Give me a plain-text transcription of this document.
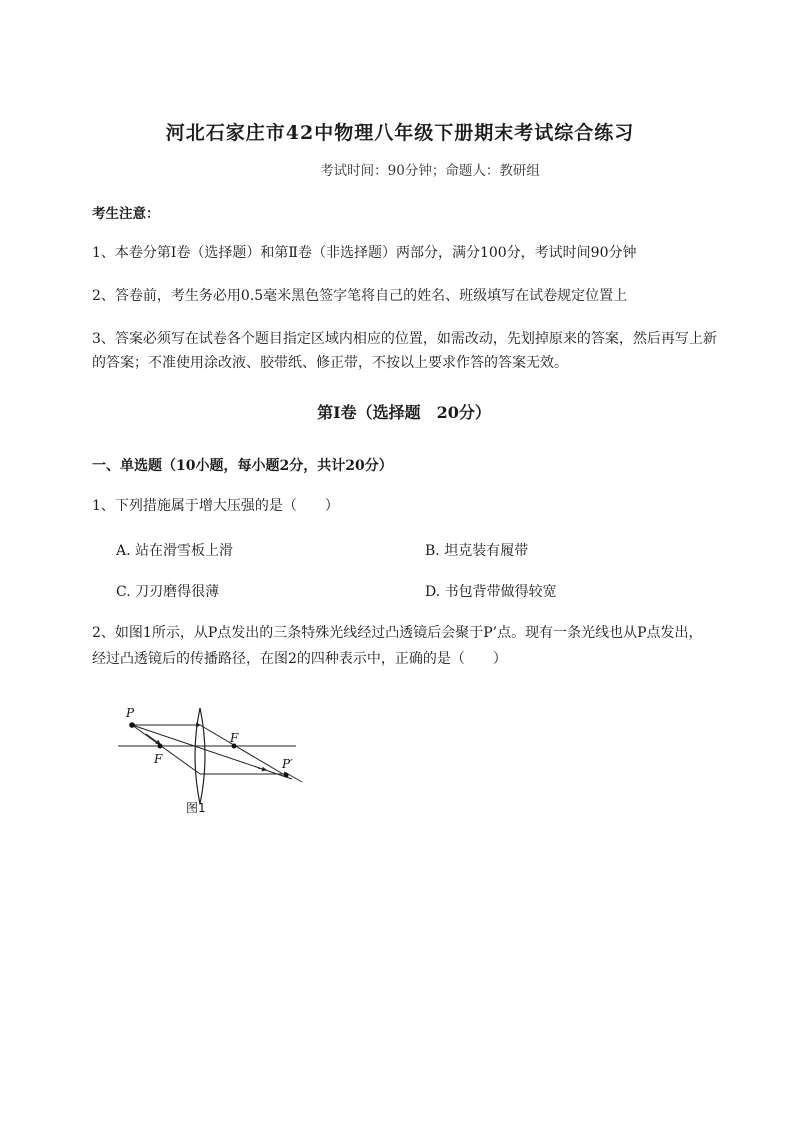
河北石家庄市42中物理八年级下册期末考试综合练习
考试时间：90分钟；命题人：教研组
考生注意：
1、本卷分第Ⅰ卷（选择题）和第Ⅱ卷（非选择题）两部分，满分100分，考试时间90分钟
2、答卷前，考生务必用0.5毫米黑色签字笔将自己的姓名、班级填写在试卷规定位置上
3、答案必须写在试卷各个题目指定区域内相应的位置，如需改动，先划掉原来的答案，然后再写上新
的答案；不准使用涂改液、胶带纸、修正带，不按以上要求作答的答案无效。
第Ⅰ卷（选择题　20分）
一、单选题（10小题，每小题2分，共计20分）
1、下列措施属于增大压强的是（　　）
A. 站在滑雪板上滑	B. 坦克装有履带
C. 刀刃磨得很薄	D. 书包背带做得较宽
2、如图1所示，从P点发出的三条特殊光线经过凸透镜后会聚于P’点。现有一条光线也从P点发出，
经过凸透镜后的传播路径，在图2的四种表示中，正确的是（　　）
P
F
F
P′
图1
